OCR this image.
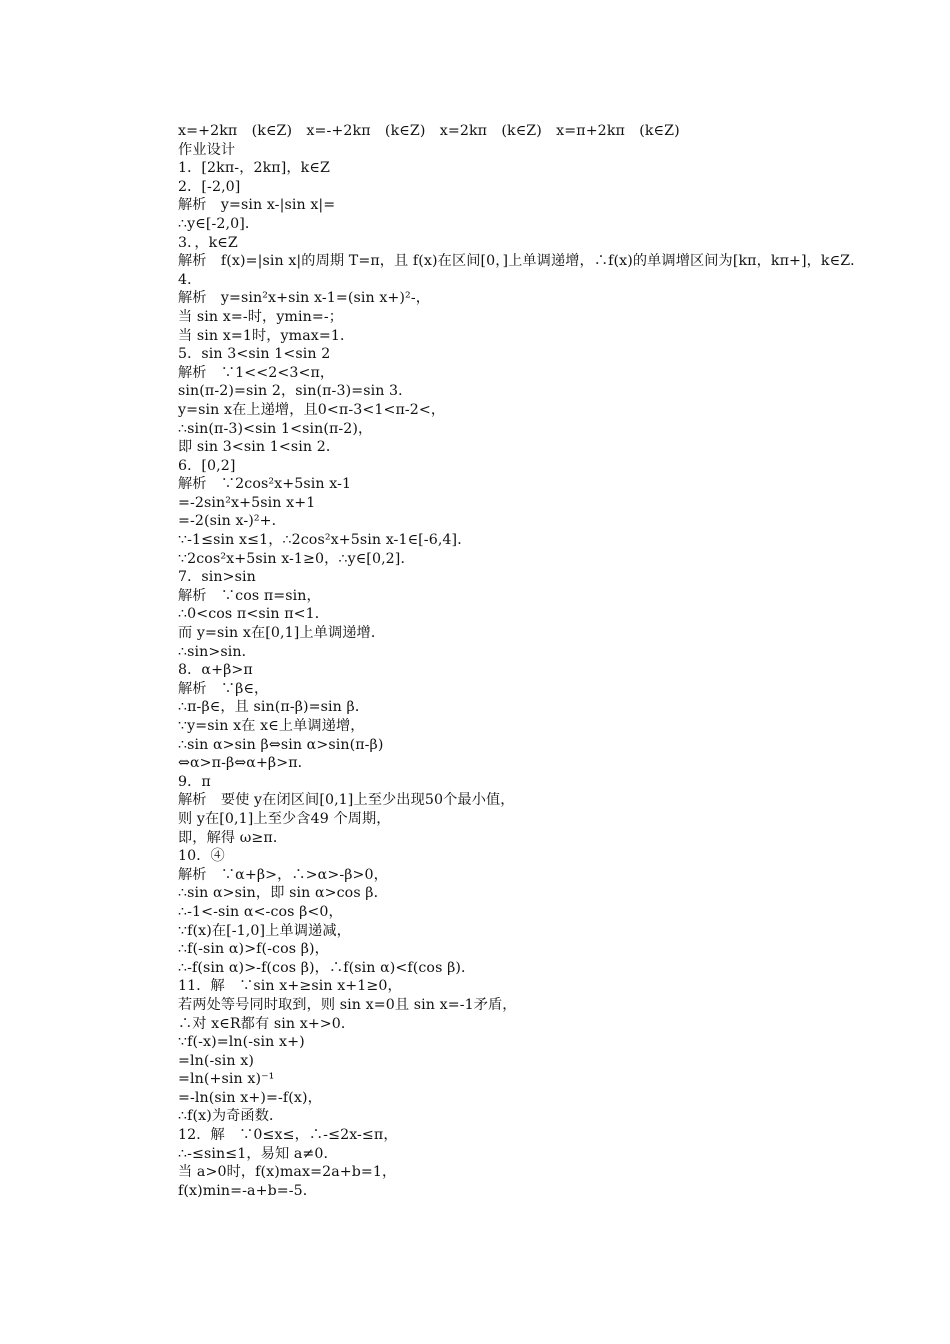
x=+2kπ　(k∈Z)　x=-+2kπ　(k∈Z)　x=2kπ　(k∈Z)　x=π+2kπ　(k∈Z)
作业设计
1．[2kπ-，2kπ]，k∈Z
2．[-2,0]
解析　y=sin x-|sin x|=
∴y∈[-2,0]．
3．，k∈Z
解析　f(x)=|sin x|的周期 T=π，且 f(x)在区间[0，]上单调递增，∴f(x)的单调增区间为[kπ，kπ+]，k∈Z．
4．
解析　y=sin²x+sin x-1=(sin x+)²-，
当 sin x=-时，ymin=-；
当 sin x=1时，ymax=1．
5．sin 3<sin 1<sin 2
解析　∵1<<2<3<π，
sin(π-2)=sin 2，sin(π-3)=sin 3．
y=sin x在上递增，且0<π-3<1<π-2<，
∴sin(π-3)<sin 1<sin(π-2)，
即 sin 3<sin 1<sin 2．
6．[0,2]
解析　∵2cos²x+5sin x-1
=-2sin²x+5sin x+1
=-2(sin x-)²+．
∵-1≤sin x≤1，∴2cos²x+5sin x-1∈[-6,4]．
∵2cos²x+5sin x-1≥0，∴y∈[0,2]．
7．sin>sin
解析　∵cos π=sin，
∴0<cos π<sin π<1．
而 y=sin x在[0,1]上单调递增．
∴sin>sin．
8．α+β>π
解析　∵β∈，
∴π-β∈，且 sin(π-β)=sin β．
∵y=sin x在 x∈上单调递增，
∴sin α>sin β⇔sin α>sin(π-β)
⇔α>π-β⇔α+β>π．
9．π
解析　要使 y在闭区间[0,1]上至少出现50个最小值，
则 y在[0,1]上至少含49 个周期，
即，解得 ω≥π．
10．④
解析　∵α+β>，∴>α>-β>0，
∴sin α>sin，即 sin α>cos β．
∴-1<-sin α<-cos β<0，
∵f(x)在[-1,0]上单调递减，
∴f(-sin α)>f(-cos β)，
∴-f(sin α)>-f(cos β)，∴f(sin α)<f(cos β)．
11．解　∵sin x+≥sin x+1≥0，
若两处等号同时取到，则 sin x=0且 sin x=-1矛盾，
∴对 x∈R都有 sin x+>0．
∵f(-x)=ln(-sin x+)
=ln(-sin x)
=ln(+sin x)⁻¹
=-ln(sin x+)=-f(x)，
∴f(x)为奇函数．
12．解　∵0≤x≤，∴-≤2x-≤π，
∴-≤sin≤1，易知 a≠0．
当 a>0时，f(x)max=2a+b=1，
f(x)min=-a+b=-5．
